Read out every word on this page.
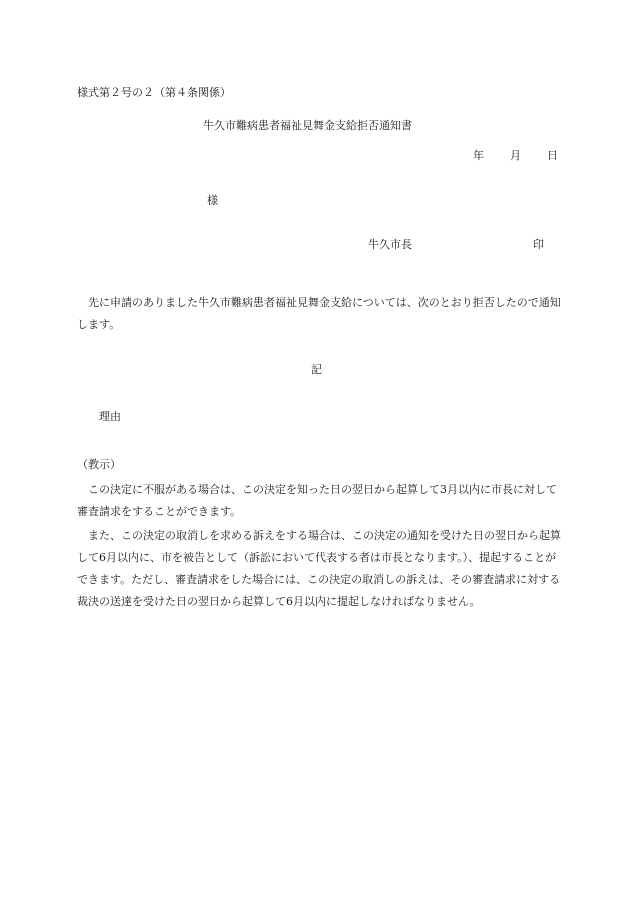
様式第２号の２（第４条関係）
牛久市難病患者福祉見舞金支給拒否通知書
年 月 日
様
牛久市長	印
先に申請のありました牛久市難病患者福祉見舞金支給については、次のとおり拒否したので通知します。
記
理由
（教示）
この決定に不服がある場合は、この決定を知った日の翌日から起算して3月以内に市長に対して審査請求をすることができます。
また、この決定の取消しを求める訴えをする場合は、この決定の通知を受けた日の翌日から起算して6月以内に、市を被告として（訴訟において代表する者は市長となります。）、提起することができます。ただし、審査請求をした場合には、この決定の取消しの訴えは、その審査請求に対する裁決の送達を受けた日の翌日から起算して6月以内に提起しなければなりません。
